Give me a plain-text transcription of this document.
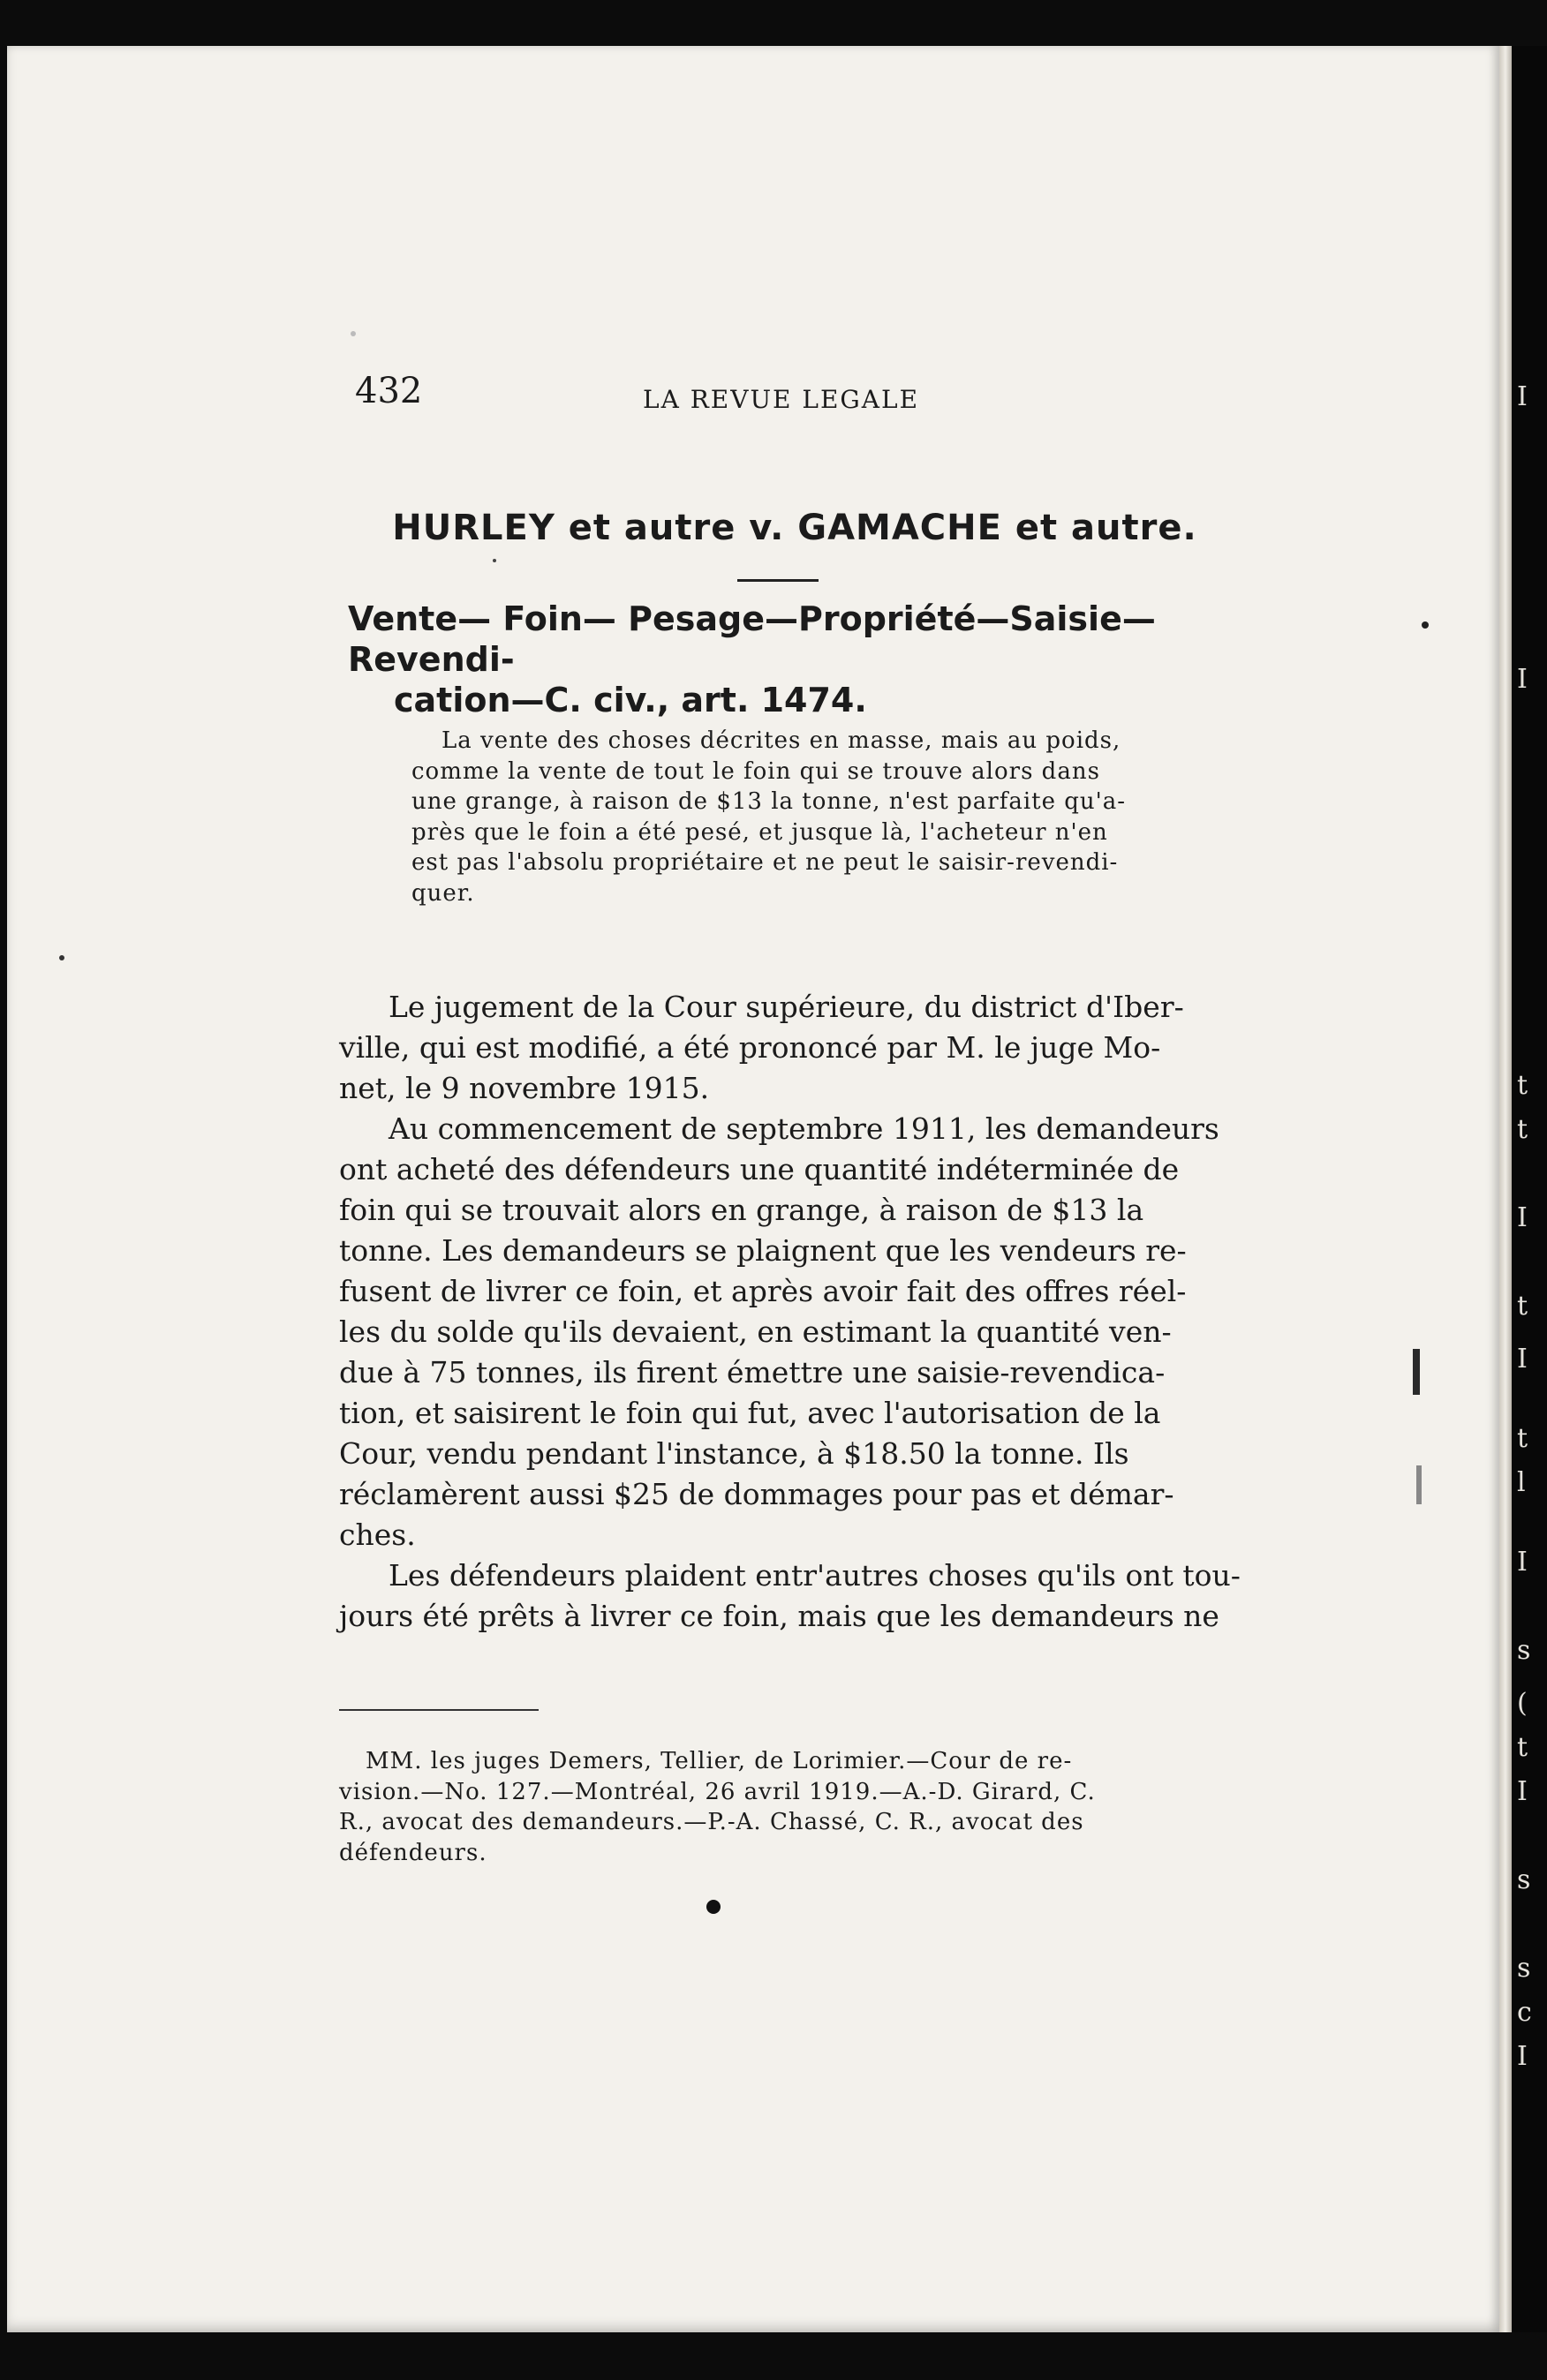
I
I
t
t
I
t
I
t
l
I
s
(
t
I
s
s
c
I
432	LA REVUE LEGALE
HURLEY et autre v. GAMACHE et autre.
Vente— Foin— Pesage—Propriété—Saisie—Revendi-
cation—C. civ., art. 1474.
La vente des choses décrites en masse, mais au poids,
comme la vente de tout le foin qui se trouve alors dans
une grange, à raison de $13 la tonne, n'est parfaite qu'a-
près que le foin a été pesé, et jusque là, l'acheteur n'en
est pas l'absolu propriétaire et ne peut le saisir-revendi-
quer.
Le jugement de la Cour supérieure, du district d'Iber-
ville, qui est modifié, a été prononcé par M. le juge Mo-
net, le 9 novembre 1915.
Au commencement de septembre 1911, les demandeurs
ont acheté des défendeurs une quantité indéterminée de
foin qui se trouvait alors en grange, à raison de $13 la
tonne. Les demandeurs se plaignent que les vendeurs re-
fusent de livrer ce foin, et après avoir fait des offres réel-
les du solde qu'ils devaient, en estimant la quantité ven-
due à 75 tonnes, ils firent émettre une saisie-revendica-
tion, et saisirent le foin qui fut, avec l'autorisation de la
Cour, vendu pendant l'instance, à $18.50 la tonne. Ils
réclamèrent aussi $25 de dommages pour pas et démar-
ches.
Les défendeurs plaident entr'autres choses qu'ils ont tou-
jours été prêts à livrer ce foin, mais que les demandeurs ne
MM. les juges Demers, Tellier, de Lorimier.—Cour de re-
vision.—No. 127.—Montréal, 26 avril 1919.—A.-D. Girard, C.
R., avocat des demandeurs.—P.-A. Chassé, C. R., avocat des
défendeurs.
